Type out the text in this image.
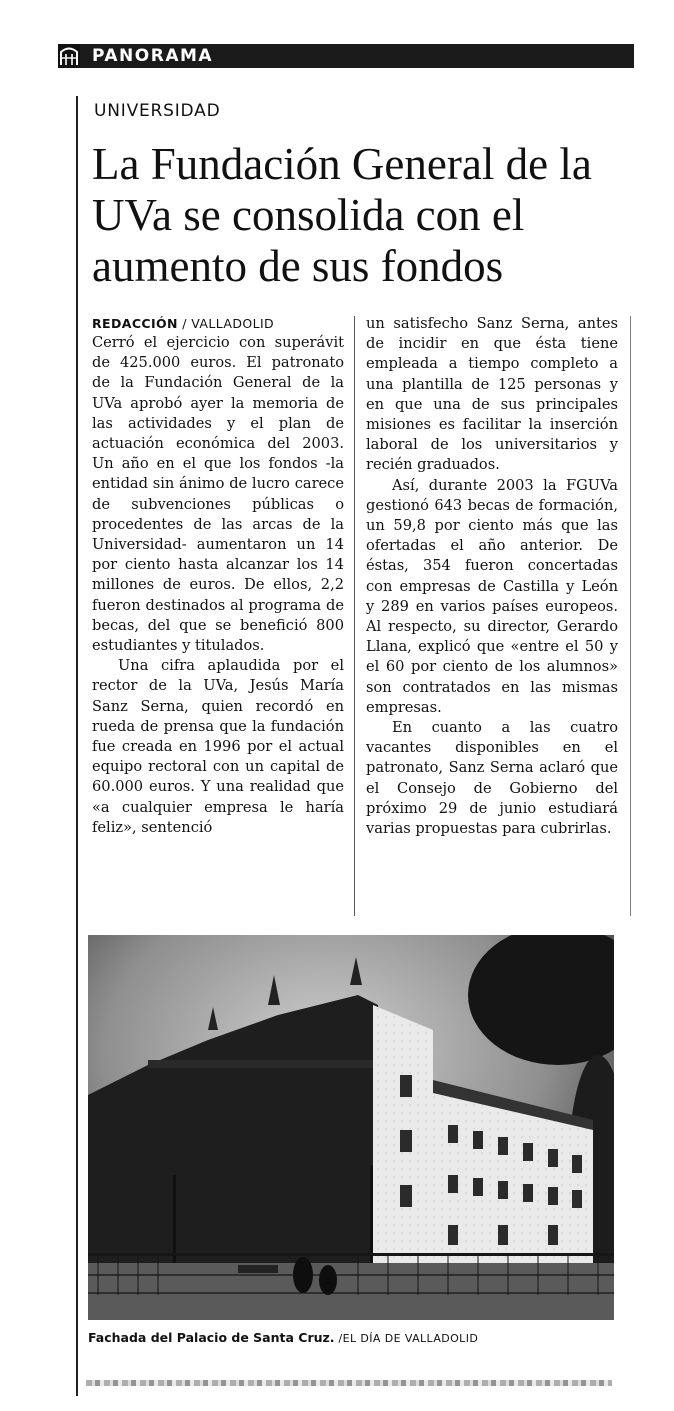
PANORAMA
UNIVERSIDAD
La Fundación General de la UVa se consolida con el aumento de sus fondos
REDACCIÓN / VALLADOLID

Cerró el ejercicio con superávit de 425.000 euros. El patronato de la Fundación General de la UVa aprobó ayer la memoria de las actividades y el plan de actuación económica del 2003. Un año en el que los fondos -la entidad sin ánimo de lucro carece de subvenciones públicas o procedentes de las arcas de la Universidad- aumentaron un 14 por ciento hasta alcanzar los 14 millones de euros. De ellos, 2,2 fueron destinados al programa de becas, del que se benefició 800 estudiantes y titulados.

Una cifra aplaudida por el rector de la UVa, Jesús María Sanz Serna, quien recordó en rueda de prensa que la fundación fue creada en 1996 por el actual equipo rectoral con un capital de 60.000 euros. Y una realidad que «a cualquier empresa le haría feliz», sentenció

un satisfecho Sanz Serna, antes de incidir en que ésta tiene empleada a tiempo completo a una plantilla de 125 personas y en que una de sus principales misiones es facilitar la inserción laboral de los universitarios y recién graduados.

Así, durante 2003 la FGUVa gestionó 643 becas de formación, un 59,8 por ciento más que las ofertadas el año anterior. De éstas, 354 fueron concertadas con empresas de Castilla y León y 289 en varios países europeos. Al respecto, su director, Gerardo Llana, explicó que «entre el 50 y el 60 por ciento de los alumnos» son contratados en las mismas empresas.

En cuanto a las cuatro vacantes disponibles en el patronato, Sanz Serna aclaró que el Consejo de Gobierno del próximo 29 de junio estudiará varias propuestas para cubrirlas.

Fachada del Palacio de Santa Cruz. /EL DÍA DE VALLADOLID
